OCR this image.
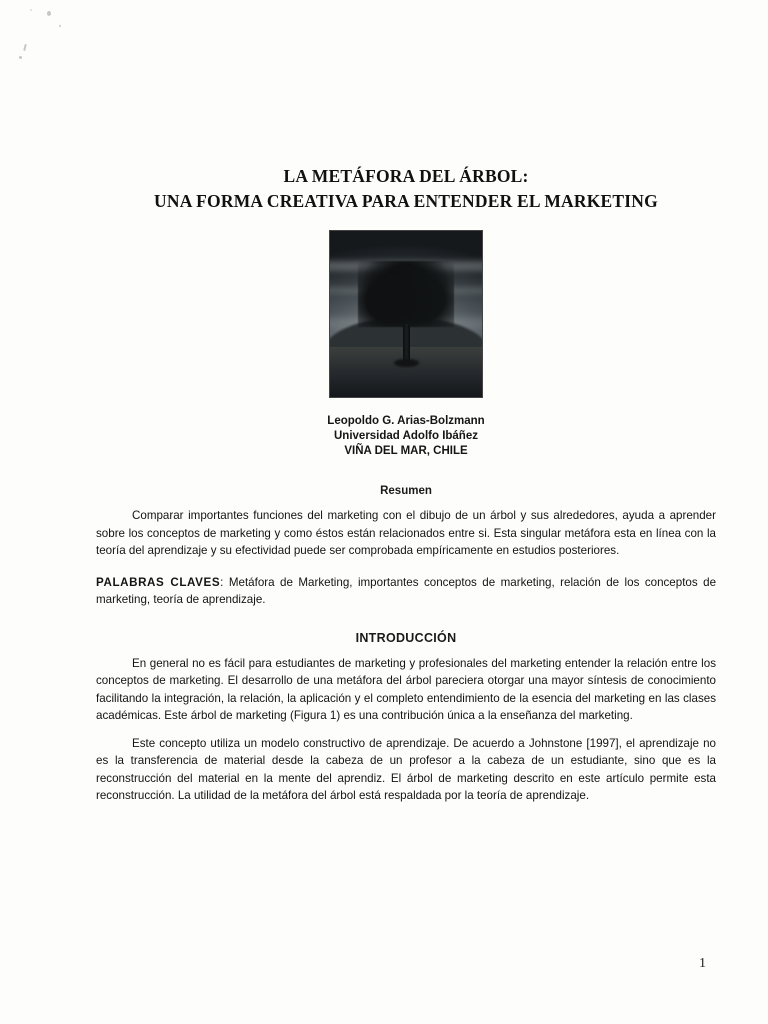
LA METÁFORA DEL ÁRBOL:
UNA FORMA CREATIVA PARA ENTENDER EL MARKETING
Leopoldo G. Arias-Bolzmann
Universidad Adolfo Ibáñez
VIÑA DEL MAR, CHILE
Resumen

Comparar importantes funciones del marketing con el dibujo de un árbol y sus alrededores, ayuda a aprender sobre los conceptos de marketing y como éstos están relacionados entre si. Esta singular metáfora esta en línea con la teoría del aprendizaje y su efectividad puede ser comprobada empíricamente en estudios posteriores.

PALABRAS CLAVES: Metáfora de Marketing, importantes conceptos de marketing, relación de los conceptos de marketing, teoría de aprendizaje.

INTRODUCCIÓN

En general no es fácil para estudiantes de marketing y profesionales del marketing entender la relación entre los conceptos de marketing. El desarrollo de una metáfora del árbol pareciera otorgar una mayor síntesis de conocimiento facilitando la integración, la relación, la aplicación y el completo entendimiento de la esencia del marketing en las clases académicas. Este árbol de marketing (Figura 1) es una contribución única a la enseñanza del marketing.

Este concepto utiliza un modelo constructivo de aprendizaje. De acuerdo a Johnstone [1997], el aprendizaje no es la transferencia de material desde la cabeza de un profesor a la cabeza de un estudiante, sino que es la reconstrucción del material en la mente del aprendiz. El árbol de marketing descrito en este artículo permite esta reconstrucción. La utilidad de la metáfora del árbol está respaldada por la teoría de aprendizaje.

1
